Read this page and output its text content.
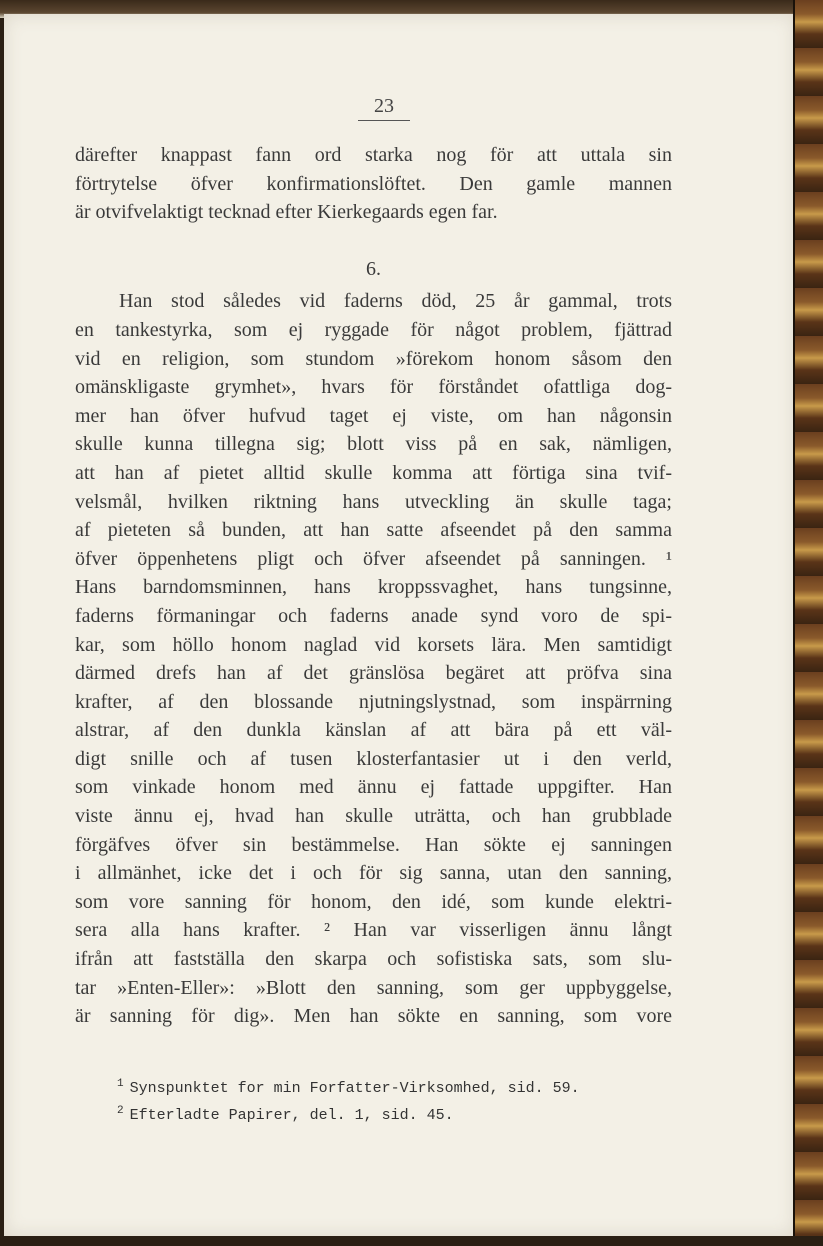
23
därefter knappast fann ord starka nog för att uttala sin
förtrytelse öfver konfirmationslöftet. Den gamle mannen
är otvifvelaktigt tecknad efter Kierkegaards egen far.
6.
Han stod således vid faderns död, 25 år gammal, trots
en tankestyrka, som ej ryggade för något problem, fjättrad
vid en religion, som stundom »förekom honom såsom den
omänskligaste grymhet», hvars för förståndet ofattliga dog-
mer han öfver hufvud taget ej viste, om han någonsin
skulle kunna tillegna sig; blott viss på en sak, nämligen,
att han af pietet alltid skulle komma att förtiga sina tvif-
velsmål, hvilken riktning hans utveckling än skulle taga;
af pieteten så bunden, att han satte afseendet på den samma
öfver öppenhetens pligt och öfver afseendet på sanningen. ¹
Hans barndomsminnen, hans kroppssvaghet, hans tungsinne,
faderns förmaningar och faderns anade synd voro de spi-
kar, som höllo honom naglad vid korsets lära. Men samtidigt
därmed drefs han af det gränslösa begäret att pröfva sina
krafter, af den blossande njutningslystnad, som inspärrning
alstrar, af den dunkla känslan af att bära på ett väl-
digt snille och af tusen klosterfantasier ut i den verld,
som vinkade honom med ännu ej fattade uppgifter. Han
viste ännu ej, hvad han skulle uträtta, och han grubblade
förgäfves öfver sin bestämmelse. Han sökte ej sanningen
i allmänhet, icke det i och för sig sanna, utan den sanning,
som vore sanning för honom, den idé, som kunde elektri-
sera alla hans krafter. ² Han var visserligen ännu långt
ifrån att fastställa den skarpa och sofistiska sats, som slu-
tar »Enten-Eller»: »Blott den sanning, som ger uppbyggelse,
är sanning för dig». Men han sökte en sanning, som vore
$^1$ Synspunktet for min Forfatter-Virksomhed, sid. 59.
$^2$ Efterladte Papirer, del. 1, sid. 45.
